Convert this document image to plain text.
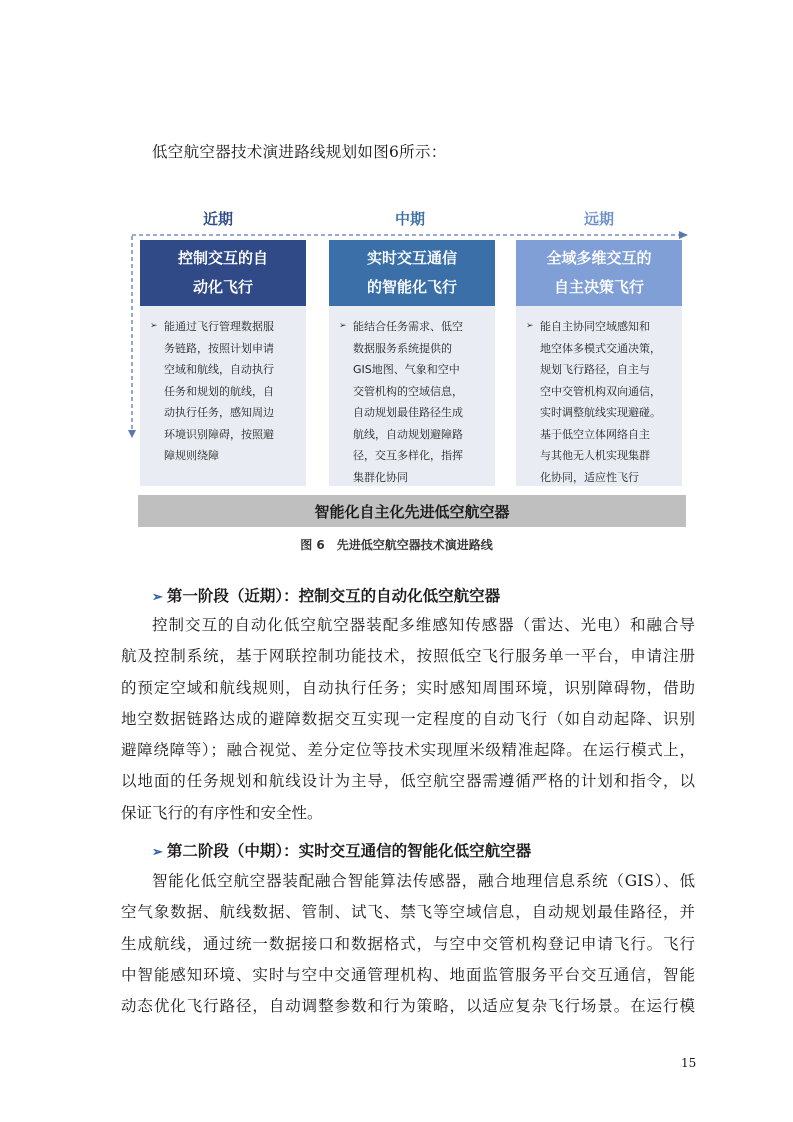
低空航空器技术演进路线规划如图6所示：
近期	中期	远期
控制交互的自
动化飞行
➢ 能通过飞行管理数据服
务链路，按照计划申请
空域和航线，自动执行
任务和规划的航线，自
动执行任务，感知周边
环境识别障碍，按照避
障规则绕障
实时交互通信
的智能化飞行
➢ 能结合任务需求、低空
数据服务系统提供的
GIS地图、气象和空中
交管机构的空域信息，
自动规划最佳路径生成
航线，自动规划避障路
径，交互多样化，指挥
集群化协同
全域多维交互的
自主决策飞行
➢ 能自主协同空域感知和
地空体多模式交通决策，
规划飞行路径，自主与
空中交管机构双向通信，
实时调整航线实现避碰。
基于低空立体网络自主
与其他无人机实现集群
化协同，适应性飞行
智能化自主化先进低空航空器
图 6　先进低空航空器技术演进路线
➢ 第一阶段（近期）：控制交互的自动化低空航空器
控制交互的自动化低空航空器装配多维感知传感器（雷达、光电）和融合导
航及控制系统，基于网联控制功能技术，按照低空飞行服务单一平台，申请注册
的预定空域和航线规则，自动执行任务；实时感知周围环境，识别障碍物，借助
地空数据链路达成的避障数据交互实现一定程度的自动飞行（如自动起降、识别
避障绕障等）；融合视觉、差分定位等技术实现厘米级精准起降。在运行模式上，
以地面的任务规划和航线设计为主导，低空航空器需遵循严格的计划和指令，以
保证飞行的有序性和安全性。
➢ 第二阶段（中期）：实时交互通信的智能化低空航空器
智能化低空航空器装配融合智能算法传感器，融合地理信息系统（GIS）、低
空气象数据、航线数据、管制、试飞、禁飞等空域信息，自动规划最佳路径，并
生成航线，通过统一数据接口和数据格式，与空中交管机构登记申请飞行。飞行
中智能感知环境、实时与空中交通管理机构、地面监管服务平台交互通信，智能
动态优化飞行路径，自动调整参数和行为策略，以适应复杂飞行场景。在运行模
15
